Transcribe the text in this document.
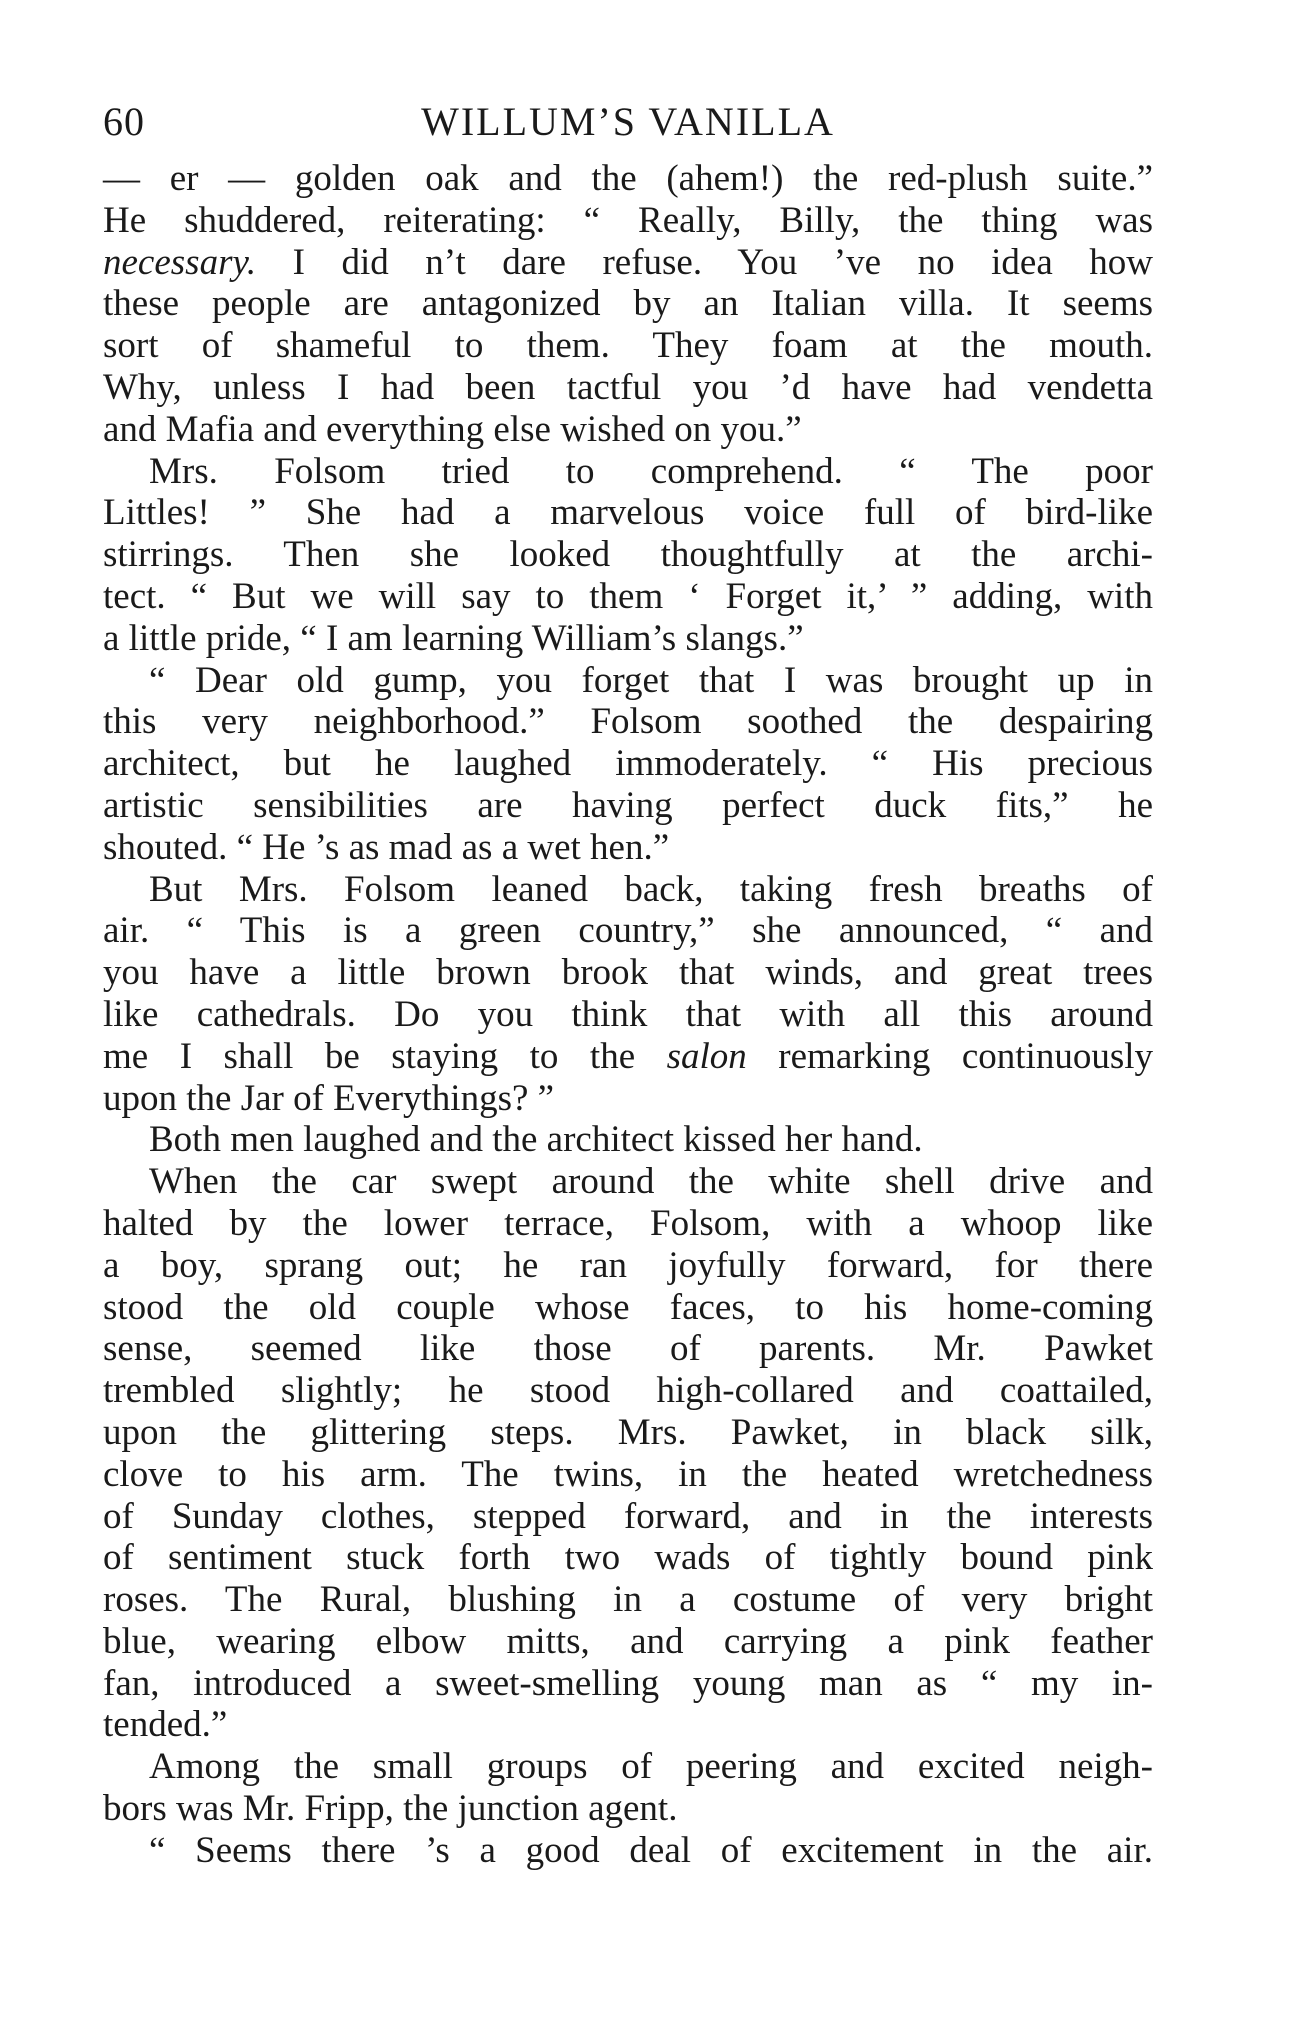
60	WILLUM’S VANILLA
— er — golden oak and the (ahem!) the red-plush suite.”
He shuddered, reiterating: “ Really, Billy, the thing was
necessary. I did n’t dare refuse. You ’ve no idea how
these people are antagonized by an Italian villa. It seems
sort of shameful to them. They foam at the mouth.
Why, unless I had been tactful you ’d have had vendetta
and Mafia and everything else wished on you.”
Mrs. Folsom tried to comprehend. “ The poor
Littles! ” She had a marvelous voice full of bird-like
stirrings. Then she looked thoughtfully at the archi-
tect. “ But we will say to them ‘ Forget it,’ ” adding, with
a little pride, “ I am learning William’s slangs.”
“ Dear old gump, you forget that I was brought up in
this very neighborhood.” Folsom soothed the despairing
architect, but he laughed immoderately. “ His precious
artistic sensibilities are having perfect duck fits,” he
shouted. “ He ’s as mad as a wet hen.”
But Mrs. Folsom leaned back, taking fresh breaths of
air. “ This is a green country,” she announced, “ and
you have a little brown brook that winds, and great trees
like cathedrals. Do you think that with all this around
me I shall be staying to the salon remarking continuously
upon the Jar of Everythings? ”
Both men laughed and the architect kissed her hand.
When the car swept around the white shell drive and
halted by the lower terrace, Folsom, with a whoop like
a boy, sprang out; he ran joyfully forward, for there
stood the old couple whose faces, to his home-coming
sense, seemed like those of parents. Mr. Pawket
trembled slightly; he stood high-collared and coattailed,
upon the glittering steps. Mrs. Pawket, in black silk,
clove to his arm. The twins, in the heated wretchedness
of Sunday clothes, stepped forward, and in the interests
of sentiment stuck forth two wads of tightly bound pink
roses. The Rural, blushing in a costume of very bright
blue, wearing elbow mitts, and carrying a pink feather
fan, introduced a sweet-smelling young man as “ my in-
tended.”
Among the small groups of peering and excited neigh-
bors was Mr. Fripp, the junction agent.
“ Seems there ’s a good deal of excitement in the air.
